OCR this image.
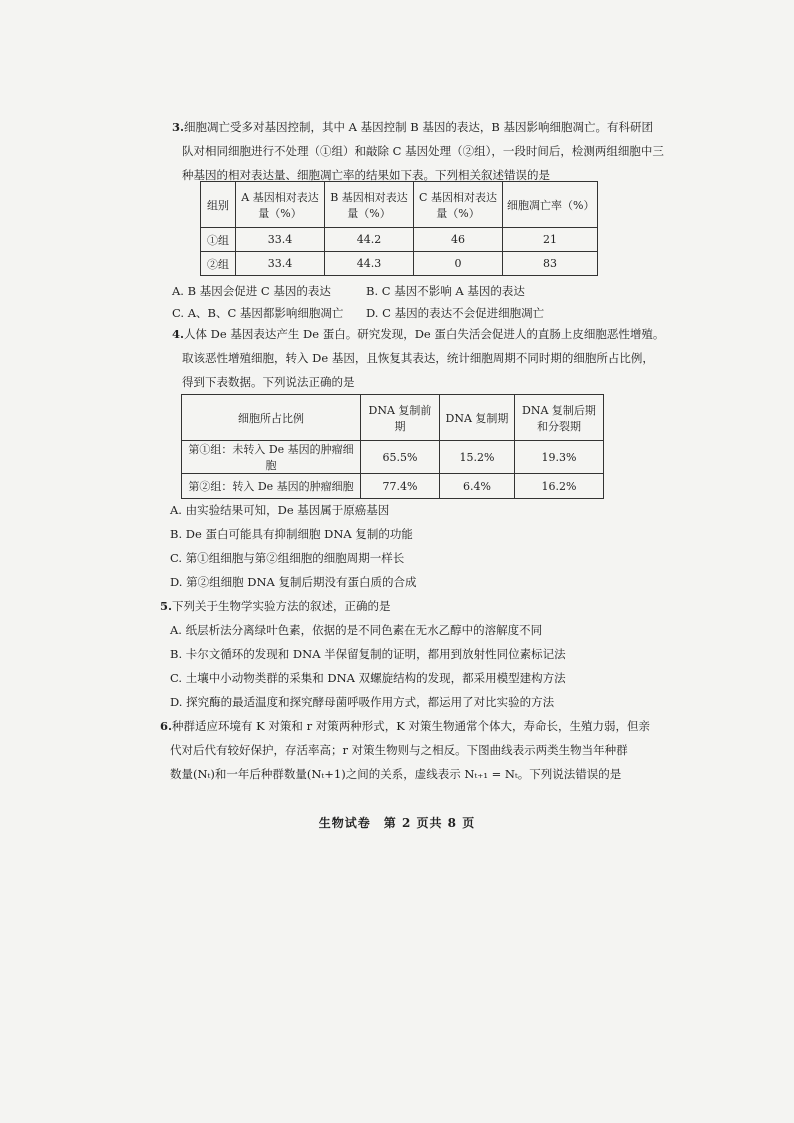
3.细胞凋亡受多对基因控制，其中 A 基因控制 B 基因的表达，B 基因影响细胞凋亡。有科研团
队对相同细胞进行不处理（①组）和敲除 C 基因处理（②组），一段时间后，检测两组细胞中三
种基因的相对表达量、细胞凋亡率的结果如下表。下列相关叙述错误的是
组别	A 基因相对表达量（%）	B 基因相对表达量（%）	C 基因相对表达量（%）	细胞凋亡率（%）
①组	33.4	44.2	46	21
②组	33.4	44.3	0	83
A. B 基因会促进 C 基因的表达	B. C 基因不影响 A 基因的表达
C. A、B、C 基因都影响细胞凋亡	D. C 基因的表达不会促进细胞凋亡
4.人体 De 基因表达产生 De 蛋白。研究发现，De 蛋白失活会促进人的直肠上皮细胞恶性增殖。
取该恶性增殖细胞，转入 De 基因，且恢复其表达，统计细胞周期不同时期的细胞所占比例，
得到下表数据。下列说法正确的是
细胞所占比例	DNA 复制前期	DNA 复制期	DNA 复制后期和分裂期
第①组：未转入 De 基因的肿瘤细胞	65.5%	15.2%	19.3%
第②组：转入 De 基因的肿瘤细胞	77.4%	6.4%	16.2%
A. 由实验结果可知，De 基因属于原癌基因
B. De 蛋白可能具有抑制细胞 DNA 复制的功能
C. 第①组细胞与第②组细胞的细胞周期一样长
D. 第②组细胞 DNA 复制后期没有蛋白质的合成
5.下列关于生物学实验方法的叙述，正确的是
A. 纸层析法分离绿叶色素，依据的是不同色素在无水乙醇中的溶解度不同
B. 卡尔文循环的发现和 DNA 半保留复制的证明，都用到放射性同位素标记法
C. 土壤中小动物类群的采集和 DNA 双螺旋结构的发现，都采用模型建构方法
D. 探究酶的最适温度和探究酵母菌呼吸作用方式，都运用了对比实验的方法
6.种群适应环境有 K 对策和 r 对策两种形式，K 对策生物通常个体大，寿命长，生殖力弱，但亲
代对后代有较好保护，存活率高；r 对策生物则与之相反。下图曲线表示两类生物当年种群
数量(Nₜ)和一年后种群数量(Nₜ+1)之间的关系，虚线表示 Nₜ₊₁ = Nₜ。下列说法错误的是
生物试卷　第 2 页共 8 页
